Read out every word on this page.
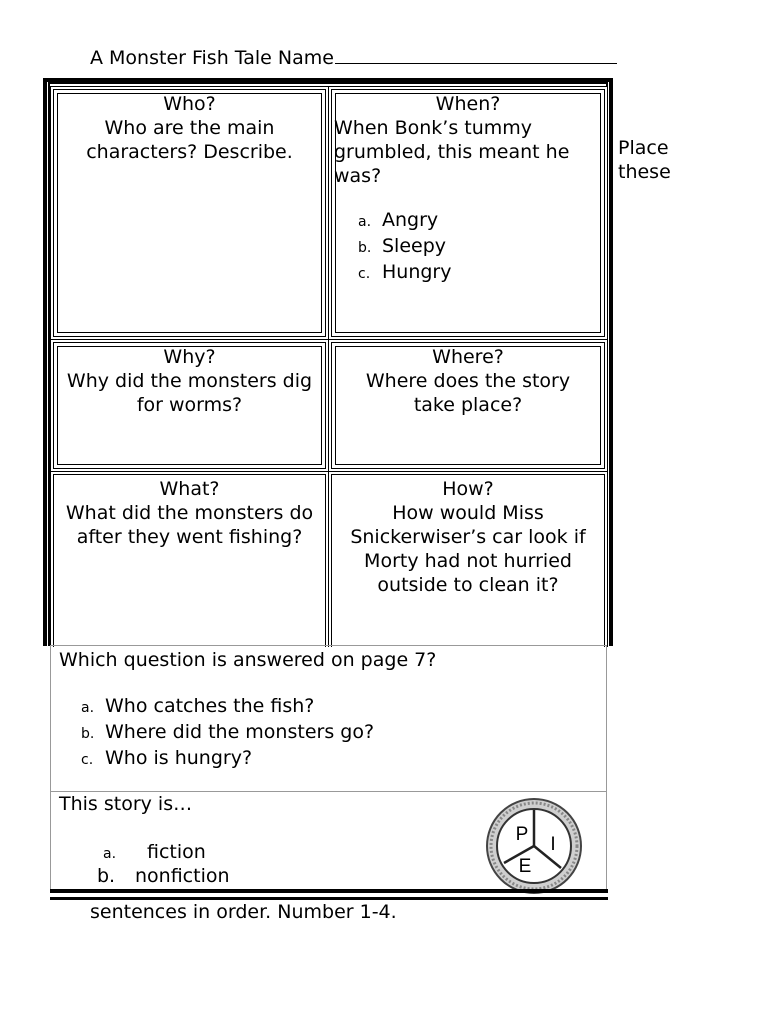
A Monster Fish Tale Name
Who?
Who are the main characters? Describe.
When?
When Bonk’s tummy grumbled, this meant he was?
a. Angry
b. Sleepy
c. Hungry
Why?
Why did the monsters dig for worms?
Where?
Where does the story take place?
What?
What did the monsters do after they went fishing?
How?
How would Miss Snickerwiser’s car look if Morty had not hurried outside to clean it?
Which question is answered on page 7?
a. Who catches the fish?
b. Where did the monsters go?
c. Who is hungry?
This story is…
a. fiction
b. nonfiction
P I
E
sentences in order. Number 1-4.
Place
these
